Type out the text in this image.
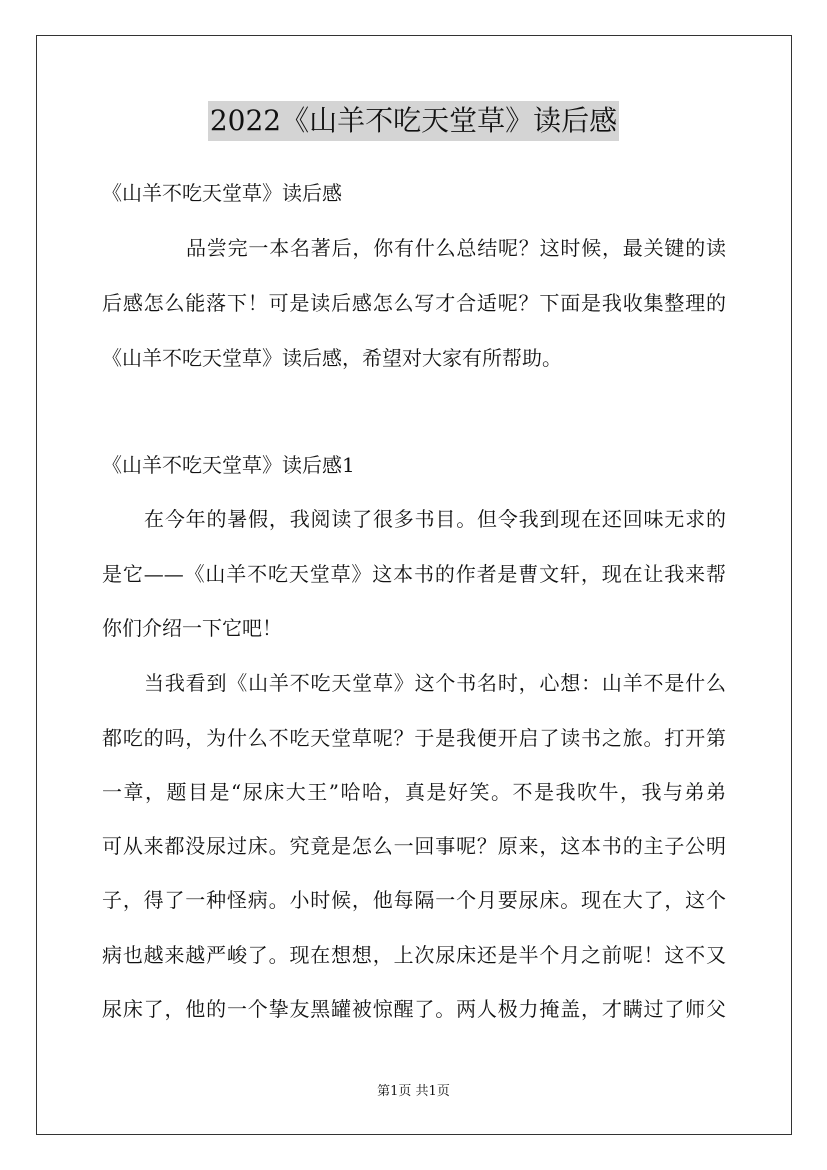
2022《山羊不吃天堂草》读后感
《山羊不吃天堂草》读后感
品尝完一本名著后，你有什么总结呢？这时候，最关键的读
后感怎么能落下！可是读后感怎么写才合适呢？下面是我收集整理的
《山羊不吃天堂草》读后感，希望对大家有所帮助。
《山羊不吃天堂草》读后感1
在今年的暑假，我阅读了很多书目。但令我到现在还回味无求的
是它——《山羊不吃天堂草》这本书的作者是曹文轩，现在让我来帮
你们介绍一下它吧！
当我看到《山羊不吃天堂草》这个书名时，心想：山羊不是什么
都吃的吗，为什么不吃天堂草呢？于是我便开启了读书之旅。打开第
一章，题目是“尿床大王”哈哈，真是好笑。不是我吹牛，我与弟弟
可从来都没尿过床。究竟是怎么一回事呢？原来，这本书的主子公明
子，得了一种怪病。小时候，他每隔一个月要尿床。现在大了，这个
病也越来越严峻了。现在想想，上次尿床还是半个月之前呢！这不又
尿床了，他的一个挚友黑罐被惊醒了。两人极力掩盖，才瞒过了师父
第1页 共1页
